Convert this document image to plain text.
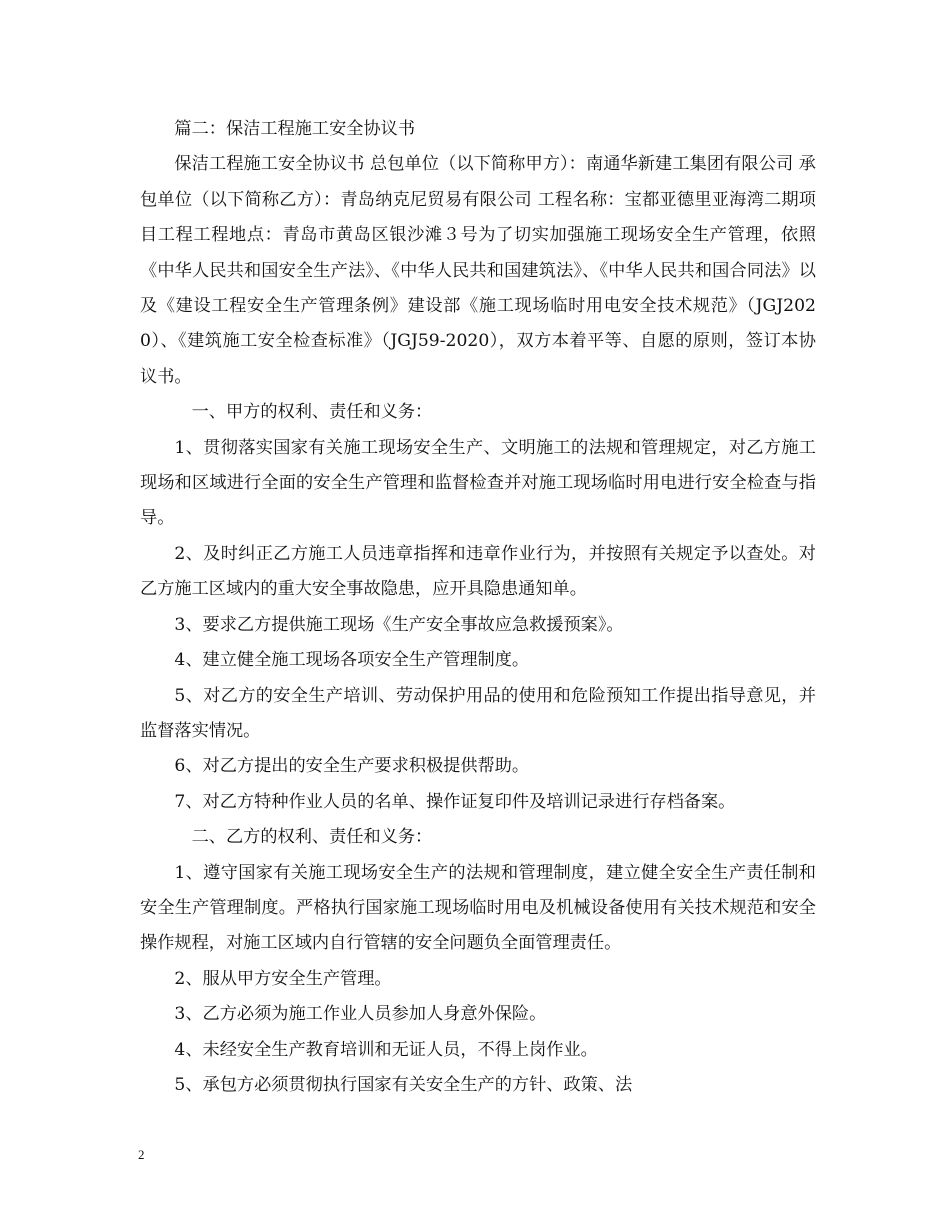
篇二：保洁工程施工安全协议书

保洁工程施工安全协议书 总包单位（以下简称甲方）：南通华新建工集团有限公司 承包单位（以下简称乙方）：青岛纳克尼贸易有限公司 工程名称：宝都亚德里亚海湾二期项目工程工程地点：青岛市黄岛区银沙滩３号为了切实加强施工现场安全生产管理，依照《中华人民共和国安全生产法》、《中华人民共和国建筑法》、《中华人民共和国合同法》以及《建设工程安全生产管理条例》建设部《施工现场临时用电安全技术规范》（JGJ2020）、《建筑施工安全检查标准》（JGJ59-2020），双方本着平等、自愿的原则，签订本协议书。

一、甲方的权利、责任和义务：

1、贯彻落实国家有关施工现场安全生产、文明施工的法规和管理规定，对乙方施工现场和区域进行全面的安全生产管理和监督检查并对施工现场临时用电进行安全检查与指导。

2、及时纠正乙方施工人员违章指挥和违章作业行为，并按照有关规定予以查处。对乙方施工区域内的重大安全事故隐患，应开具隐患通知单。

3、要求乙方提供施工现场《生产安全事故应急救援预案》。

4、建立健全施工现场各项安全生产管理制度。

5、对乙方的安全生产培训、劳动保护用品的使用和危险预知工作提出指导意见，并监督落实情况。

6、对乙方提出的安全生产要求积极提供帮助。

7、对乙方特种作业人员的名单、操作证复印件及培训记录进行存档备案。

二、乙方的权利、责任和义务：

1、遵守国家有关施工现场安全生产的法规和管理制度，建立健全安全生产责任制和安全生产管理制度。严格执行国家施工现场临时用电及机械设备使用有关技术规范和安全操作规程，对施工区域内自行管辖的安全问题负全面管理责任。

2、服从甲方安全生产管理。

3、乙方必须为施工作业人员参加人身意外保险。

4、未经安全生产教育培训和无证人员，不得上岗作业。

5、承包方必须贯彻执行国家有关安全生产的方针、政策、法

2
